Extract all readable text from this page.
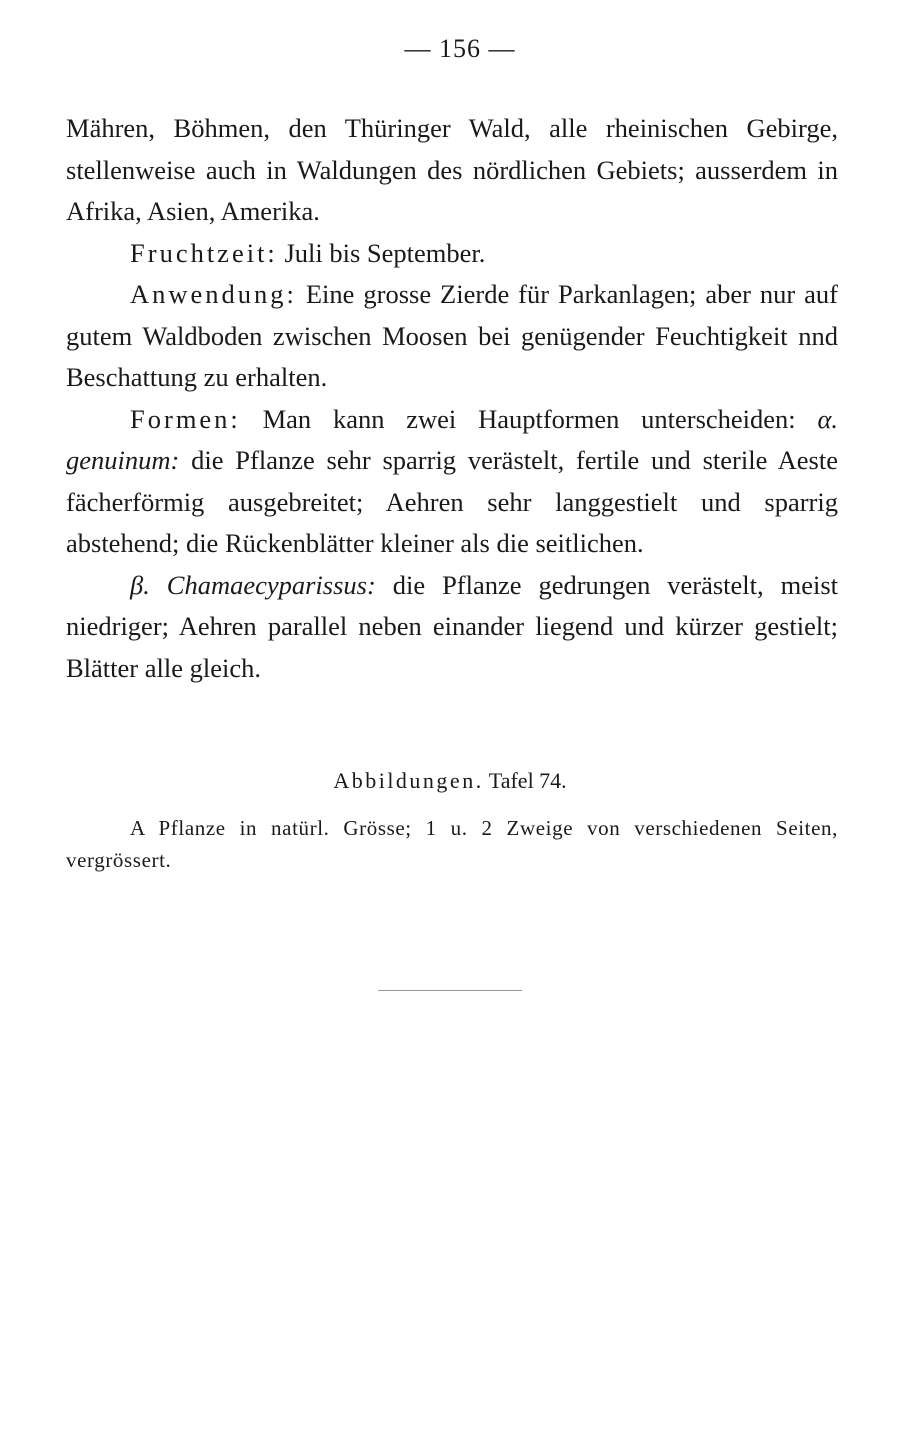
— 156 —

Mähren, Böhmen, den Thüringer Wald, alle rheinischen Gebirge, stellenweise auch in Waldungen des nördlichen Gebiets; ausserdem in Afrika, Asien, Amerika.

Fruchtzeit: Juli bis September.

Anwendung: Eine grosse Zierde für Parkanlagen; aber nur auf gutem Waldboden zwischen Moosen bei genügender Feuchtigkeit nnd Beschattung zu erhalten.

Formen: Man kann zwei Hauptformen unterscheiden: α. genuinum: die Pflanze sehr sparrig verästelt, fertile und sterile Aeste fächerförmig ausgebreitet; Aehren sehr langgestielt und sparrig abstehend; die Rückenblätter kleiner als die seitlichen.

β. Chamaecyparissus: die Pflanze gedrungen verästelt, meist niedriger; Aehren parallel neben einander liegend und kürzer gestielt; Blätter alle gleich.

Abbildungen. Tafel 74.
A Pflanze in natürl. Grösse; 1 u. 2 Zweige von verschiedenen Seiten, vergrössert.
